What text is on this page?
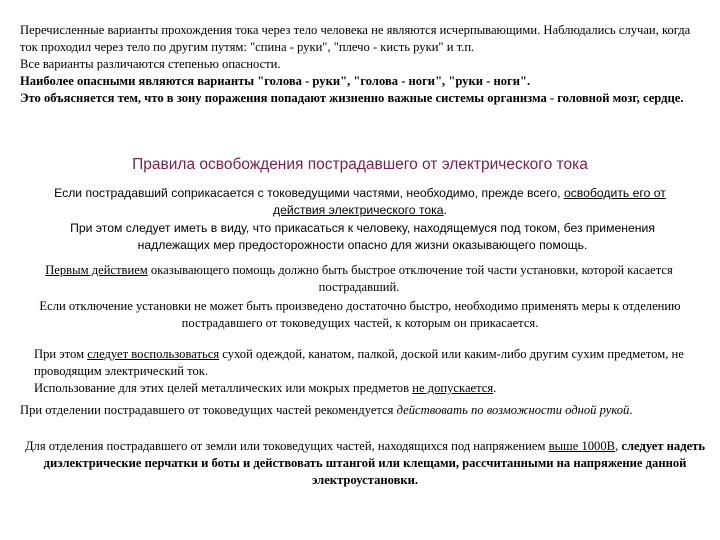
Перечисленные варианты прохождения тока через тело человека не являются исчерпывающими. Наблюдались случаи, когда ток проходил через тело по другим путям: "спина - руки", "плечо - кисть руки" и т.п.

Все варианты различаются степенью опасности.

Наиболее опасными являются варианты "голова - руки", "голова - ноги", "руки - ноги".

Это объясняется тем, что в зону поражения попадают жизненно важные системы организма - головной мозг, сердце.

Правила освобождения пострадавшего от электрического тока
Если пострадавший соприкасается с токоведущими частями, необходимо, прежде всего, освободить его от действия электрического тока.
При этом следует иметь в виду, что прикасаться к человеку, находящемуся под током, без применения надлежащих мер предосторожности опасно для жизни оказывающего помощь.
Первым действием оказывающего помощь должно быть быстрое отключение той части установки, которой касается пострадавший.
Если отключение установки не может быть произведено достаточно быстро, необходимо применять меры к отделению пострадавшего от токоведущих частей, к которым он прикасается.

При этом следует воспользоваться сухой одеждой, канатом, палкой, доской или каким-либо другим сухим предметом, не проводящим электрический ток.

Использование для этих целей металлических или мокрых предметов не допускается.

При отделении пострадавшего от токоведущих частей рекомендуется действовать по возможности одной рукой.
Для отделения пострадавшего от земли или токоведущих частей, находящихся под напряжением выше 1000В, следует надеть диэлектрические перчатки и боты и действовать штангой или клещами, рассчитанными на напряжение данной электроустановки.
